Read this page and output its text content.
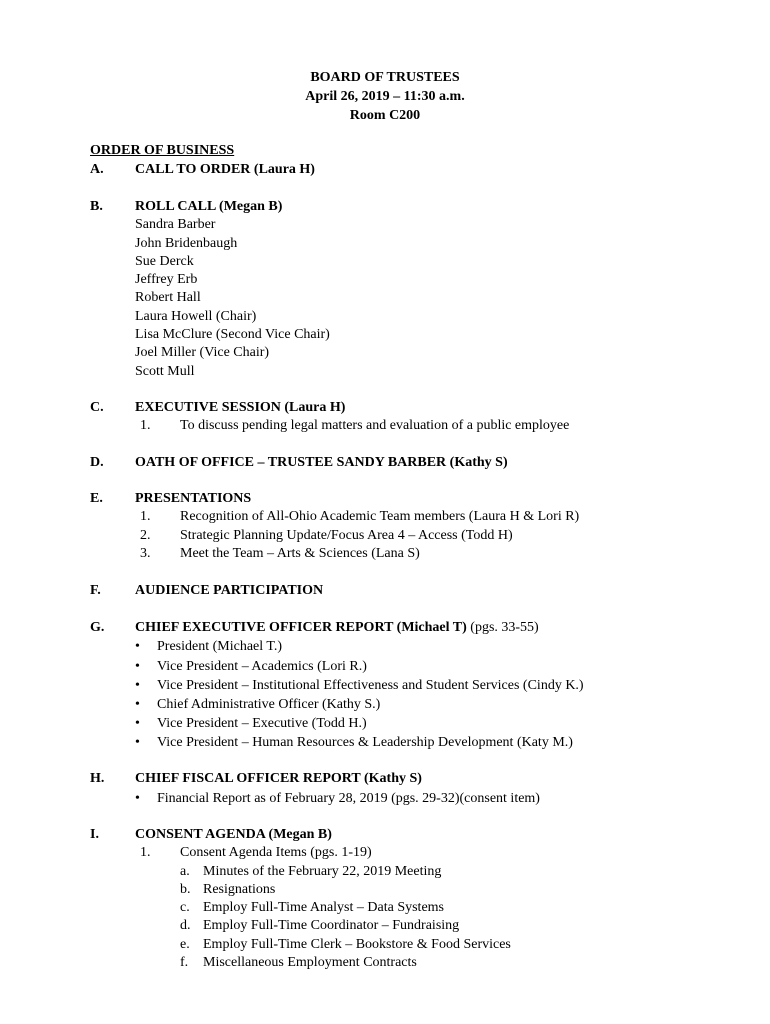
BOARD OF TRUSTEES
April 26, 2019 – 11:30 a.m.
Room C200
ORDER OF BUSINESS
A. CALL TO ORDER (Laura H)
B. ROLL CALL (Megan B)
Sandra Barber
John Bridenbaugh
Sue Derck
Jeffrey Erb
Robert Hall
Laura Howell (Chair)
Lisa McClure (Second Vice Chair)
Joel Miller (Vice Chair)
Scott Mull
C. EXECUTIVE SESSION (Laura H)
1. To discuss pending legal matters and evaluation of a public employee
D. OATH OF OFFICE – TRUSTEE SANDY BARBER (Kathy S)
E. PRESENTATIONS
1. Recognition of All-Ohio Academic Team members (Laura H & Lori R)
2. Strategic Planning Update/Focus Area 4 – Access (Todd H)
3. Meet the Team – Arts & Sciences (Lana S)
F. AUDIENCE PARTICIPATION
G. CHIEF EXECUTIVE OFFICER REPORT (Michael T) (pgs. 33-55)
• President (Michael T.)
• Vice President – Academics (Lori R.)
• Vice President – Institutional Effectiveness and Student Services (Cindy K.)
• Chief Administrative Officer (Kathy S.)
• Vice President – Executive (Todd H.)
• Vice President – Human Resources & Leadership Development (Katy M.)
H. CHIEF FISCAL OFFICER REPORT (Kathy S)
• Financial Report as of February 28, 2019 (pgs. 29-32)(consent item)
I.	CONSENT AGENDA (Megan B)
1. Consent Agenda Items (pgs. 1-19)
a. Minutes of the February 22, 2019 Meeting
b. Resignations
c. Employ Full-Time Analyst – Data Systems
d. Employ Full-Time Coordinator – Fundraising
e. Employ Full-Time Clerk – Bookstore & Food Services
f. Miscellaneous Employment Contracts
